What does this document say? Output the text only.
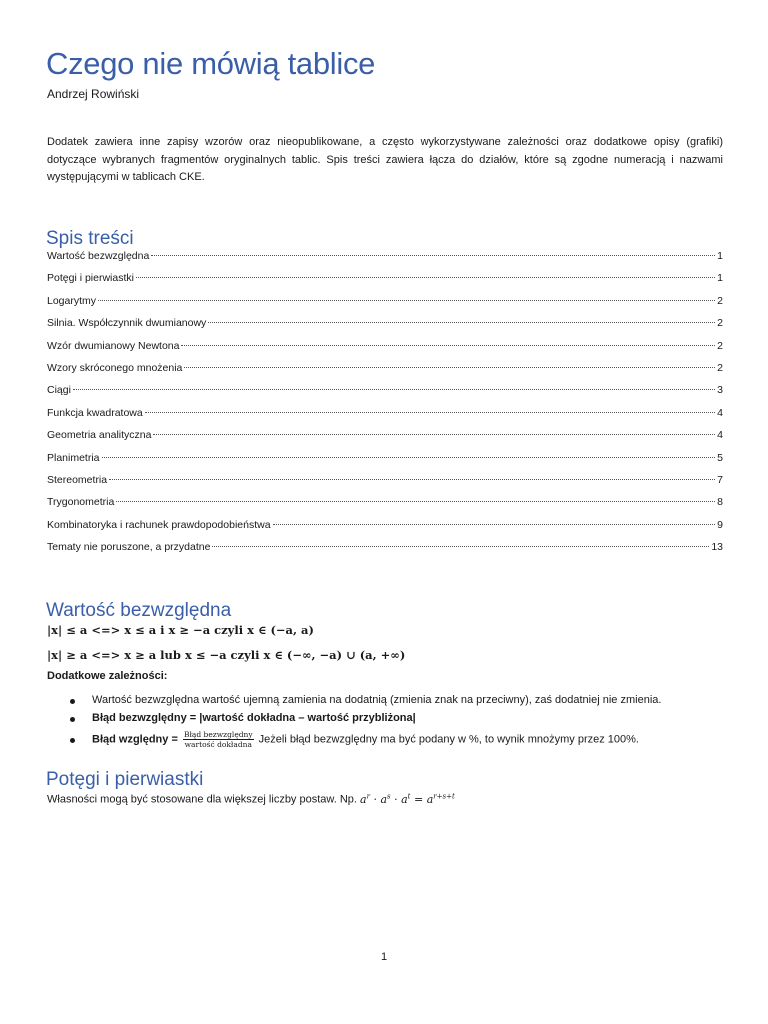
Czego nie mówią tablice
Andrzej Rowiński
Dodatek zawiera inne zapisy wzorów oraz nieopublikowane, a często wykorzystywane zależności oraz dodatkowe opisy (grafiki) dotyczące wybranych fragmentów oryginalnych tablic. Spis treści zawiera łącza do działów, które są zgodne numeracją i nazwami występującymi w tablicach CKE.
Spis treści
Wartość bezwzględna	1
Potęgi i pierwiastki	1
Logarytmy	2
Silnia. Współczynnik dwumianowy	2
Wzór dwumianowy Newtona	2
Wzory skróconego mnożenia	2
Ciągi	3
Funkcja kwadratowa	4
Geometria analityczna	4
Planimetria	5
Stereometria	7
Trygonometria	8
Kombinatoryka i rachunek prawdopodobieństwa	9
Tematy nie poruszone, a przydatne	13
Wartość bezwzględna
|x| ≤ a <=> x ≤ a i x ≥ −a czyli x ∈ (−a, a)
|x| ≥ a <=> x ≥ a lub x ≤ −a czyli x ∈ (−∞, −a) ∪ (a, +∞)
Dodatkowe zależności:
Wartość bezwzględna wartość ujemną zamienia na dodatnią (zmienia znak na przeciwny), zaś dodatniej nie zmienia.
Błąd bezwzględny = |wartość dokładna – wartość przybliżona|
Błąd względny = $\frac{\text{Błąd bezwzględny}}{\text{wartość dokładna}}$ Jeżeli błąd bezwzględny ma być podany w %, to wynik mnożymy przez 100%.
Potęgi i pierwiastki
Własności mogą być stosowane dla większej liczby postaw. Np. $a^r \cdot a^s \cdot a^t = a^{r+s+t}$
1
